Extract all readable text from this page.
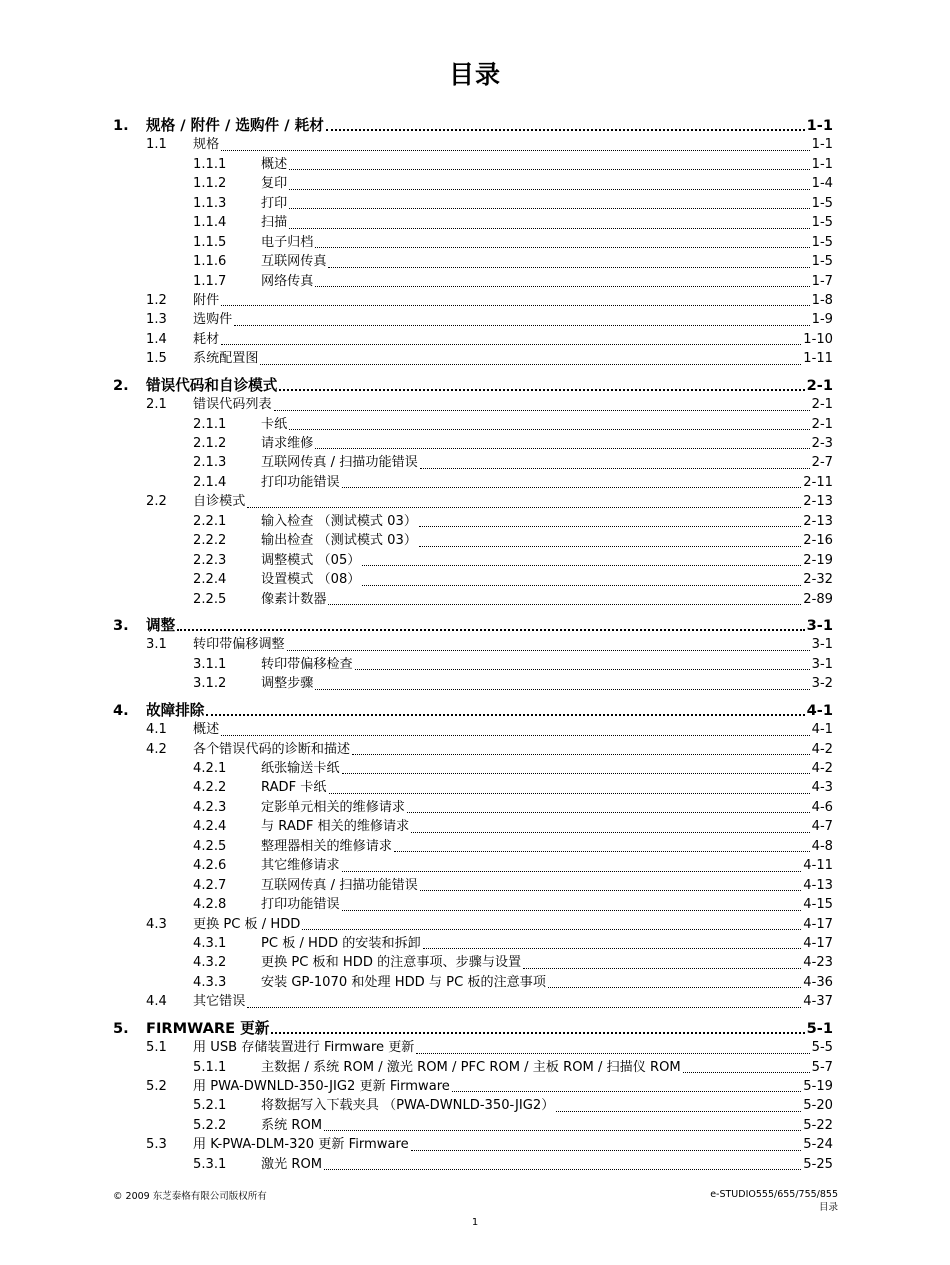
目录
1.	规格 / 附件 / 选购件 / 耗材	1-1
1.1	规格	1-1
1.1.1	概述	1-1
1.1.2	复印	1-4
1.1.3	打印	1-5
1.1.4	扫描	1-5
1.1.5	电子归档	1-5
1.1.6	互联网传真	1-5
1.1.7	网络传真	1-7
1.2	附件	1-8
1.3	选购件	1-9
1.4	耗材	1-10
1.5	系统配置图	1-11
2.	错误代码和自诊模式	2-1
2.1	错误代码列表	2-1
2.1.1	卡纸	2-1
2.1.2	请求维修	2-3
2.1.3	互联网传真 / 扫描功能错误	2-7
2.1.4	打印功能错误	2-11
2.2	自诊模式	2-13
2.2.1	输入检查 （测试模式 03）	2-13
2.2.2	输出检查 （测试模式 03）	2-16
2.2.3	调整模式 （05）	2-19
2.2.4	设置模式 （08）	2-32
2.2.5	像素计数器	2-89
3.	调整	3-1
3.1	转印带偏移调整	3-1
3.1.1	转印带偏移检查	3-1
3.1.2	调整步骤	3-2
4.	故障排除	4-1
4.1	概述	4-1
4.2	各个错误代码的诊断和描述	4-2
4.2.1	纸张输送卡纸	4-2
4.2.2	RADF 卡纸	4-3
4.2.3	定影单元相关的维修请求	4-6
4.2.4	与 RADF 相关的维修请求	4-7
4.2.5	整理器相关的维修请求	4-8
4.2.6	其它维修请求	4-11
4.2.7	互联网传真 / 扫描功能错误	4-13
4.2.8	打印功能错误	4-15
4.3	更换 PC 板 / HDD	4-17
4.3.1	PC 板 / HDD 的安装和拆卸	4-17
4.3.2	更换 PC 板和 HDD 的注意事项、步骤与设置	4-23
4.3.3	安装 GP-1070 和处理 HDD 与 PC 板的注意事项	4-36
4.4	其它错误	4-37
5.	FIRMWARE 更新	5-1
5.1	用 USB 存储装置进行 Firmware 更新	5-5
5.1.1	主数据 / 系统 ROM / 激光 ROM / PFC ROM / 主板 ROM / 扫描仪 ROM	5-7
5.2	用 PWA-DWNLD-350-JIG2 更新 Firmware	5-19
5.2.1	将数据写入下载夹具 （PWA-DWNLD-350-JIG2）	5-20
5.2.2	系统 ROM	5-22
5.3	用 K-PWA-DLM-320 更新 Firmware	5-24
5.3.1	激光 ROM	5-25
© 2009 东芝泰格有限公司版权所有	e-STUDIO555/655/755/855
目录
1
